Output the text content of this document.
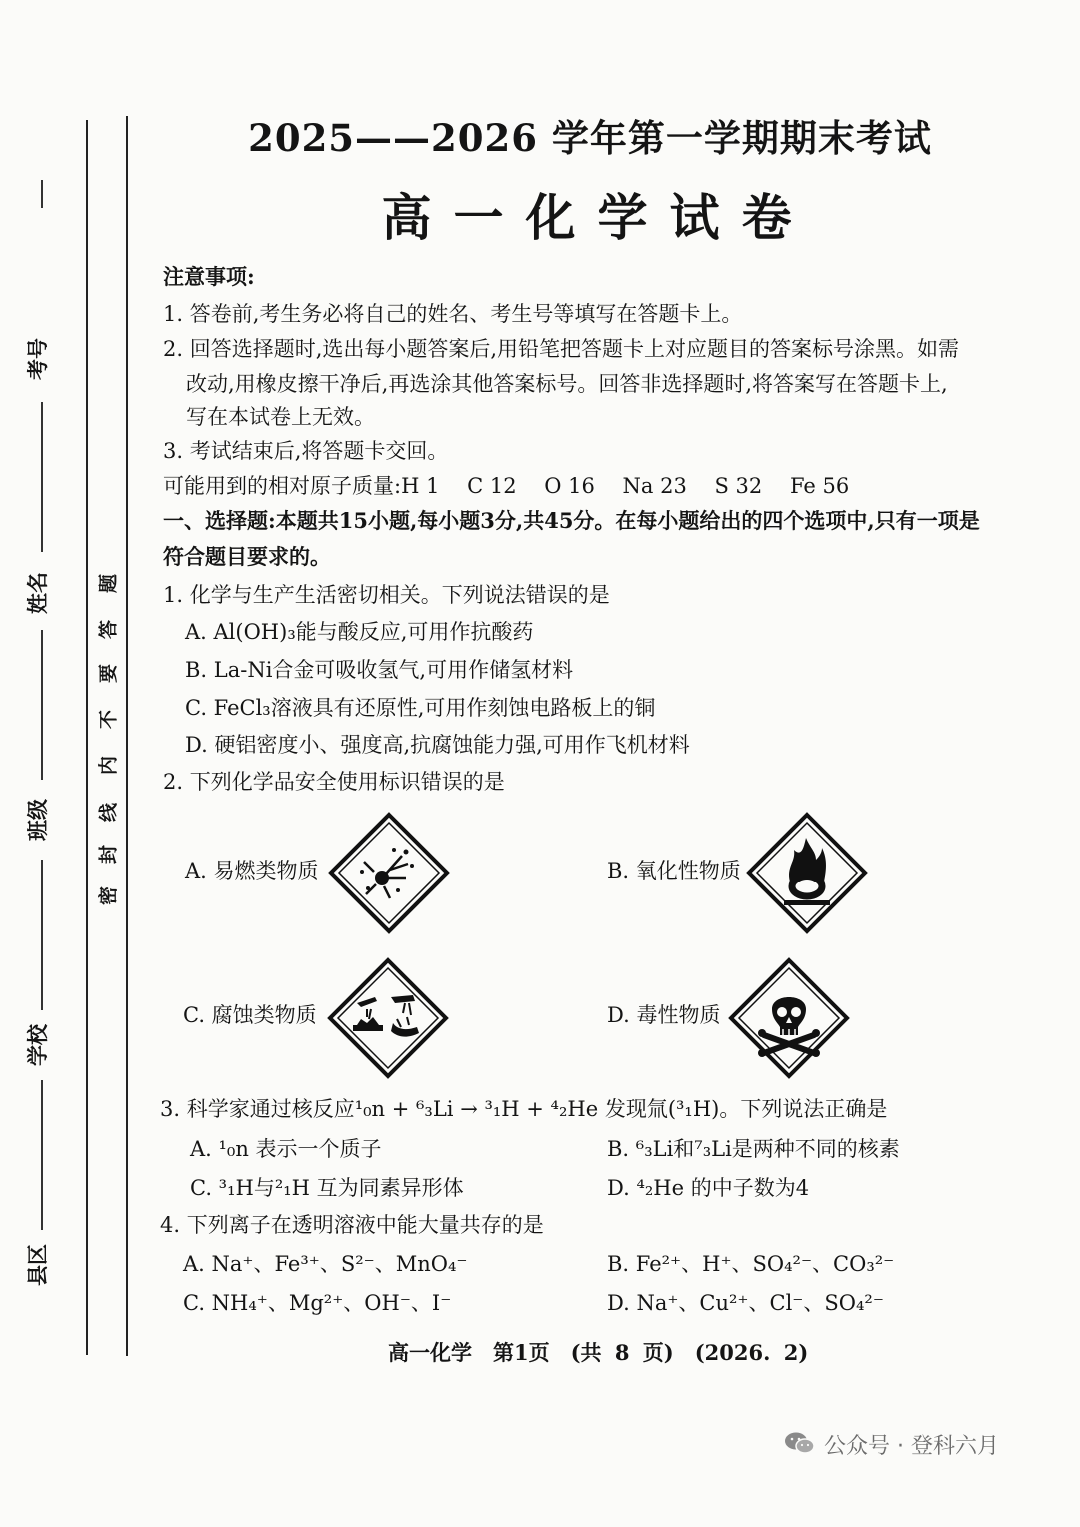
考号
姓名
班级
学校
县区
密
封
线
内
不
要
答
题
2025——2026 学年第一学期期末考试
高一化学试卷
注意事项:
1. 答卷前,考生务必将自己的姓名、考生号等填写在答题卡上。
2. 回答选择题时,选出每小题答案后,用铅笔把答题卡上对应题目的答案标号涂黑。如需
改动,用橡皮擦干净后,再选涂其他答案标号。回答非选择题时,将答案写在答题卡上,
写在本试卷上无效。
3. 考试结束后,将答题卡交回。
可能用到的相对原子质量:H 1　 C 12　 O 16　 Na 23　 S 32　 Fe 56
一、选择题:本题共15小题,每小题3分,共45分。在每小题给出的四个选项中,只有一项是
符合题目要求的。
1. 化学与生产生活密切相关。下列说法错误的是
A. Al(OH)₃能与酸反应,可用作抗酸药
B. La-Ni合金可吸收氢气,可用作储氢材料
C. FeCl₃溶液具有还原性,可用作刻蚀电路板上的铜
D. 硬铝密度小、强度高,抗腐蚀能力强,可用作飞机材料
2. 下列化学品安全使用标识错误的是
A. 易燃类物质	B. 氧化性物质
C. 腐蚀类物质	D. 毒性物质
3. 科学家通过核反应¹₀n + ⁶₃Li → ³₁H + ⁴₂He 发现氚(³₁H)。下列说法正确是
A. ¹₀n 表示一个质子	B. ⁶₃Li和⁷₃Li是两种不同的核素
C. ³₁H与²₁H 互为同素异形体	D. ⁴₂He 的中子数为4
4. 下列离子在透明溶液中能大量共存的是
A. Na⁺、Fe³⁺、S²⁻、MnO₄⁻	B. Fe²⁺、H⁺、SO₄²⁻、CO₃²⁻
C. NH₄⁺、Mg²⁺、OH⁻、I⁻	D. Na⁺、Cu²⁺、Cl⁻、SO₄²⁻
高一化学　第1页　(共 8 页)　(2026. 2)
公众号 · 登科六月
